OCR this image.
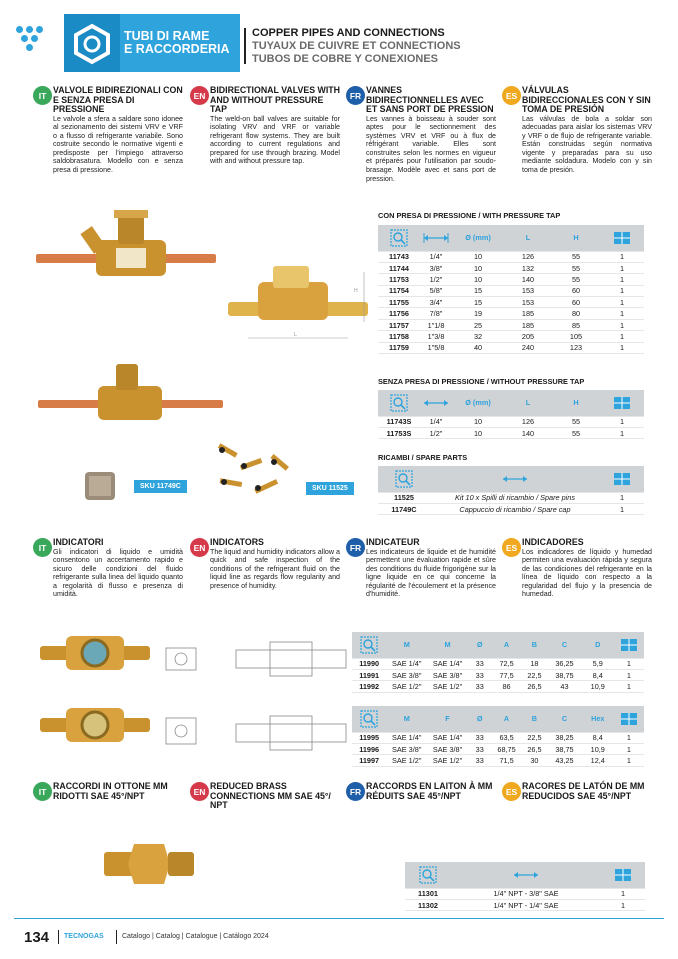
TUBI DI RAME
E RACCORDERIA
COPPER PIPES AND CONNECTIONS
TUYAUX DE CUIVRE ET CONNECTIONS
TUBOS DE COBRE Y CONEXIONES
IT
VALVOLE BIDIREZIONALI CON E SENZA PRESA DI PRESSIONE
Le valvole a sfera a saldare sono idonee al sezionamento dei sistemi VRV e VRF o a flusso di refrigerante variabile. Sono costruite secondo le normative vigenti e predisposte per l'impiego attraverso saldobrasatura. Modello con e senza presa di pressione.
EN
BIDIRECTIONAL VALVES WITH AND WITHOUT PRESSURE TAP
The weld-on ball valves are suitable for isolating VRV and VRF or variable refrigerant flow systems. They are built according to current regulations and prepared for use through brazing. Model with and without pressure tap.
FR
VANNES BIDIRECTIONNELLES AVEC ET SANS PORT DE PRESSION
Les vannes à boisseau à souder sont aptes pour le sectionnement des systèmes VRV et VRF ou à flux de réfrigérant variable. Elles sont construites selon les normes en vigueur et préparés pour l'utilisation par soudo-brasage. Modèle avec et sans port de pression.
ES
VÁLVULAS BIDIRECCIONALES CON Y SIN TOMA DE PRESIÓN
Las válvulas de bola a soldar son adecuadas para aislar los sistemas VRV y VRF o de flujo de refrigerante variable. Están construidas según normativa vigente y preparadas para su uso mediante soldadura. Modelo con y sin toma de presión.
L
H
SKU 11749C	SKU 11525
CON PRESA DI PRESSIONE / WITH PRESSURE TAP
		Ø (mm)	L	H	
11743	1/4"	10	126	55	1
11744	3/8"	10	132	55	1
11753	1/2"	10	140	55	1
11754	5/8"	15	153	60	1
11755	3/4"	15	153	60	1
11756	7/8"	19	185	80	1
11757	1"1/8	25	185	85	1
11758	1"3/8	32	205	105	1
11759	1"5/8	40	240	123	1
SENZA PRESA DI PRESSIONE / WITHOUT PRESSURE TAP
		Ø (mm)	L	H	
11743S	1/4"	10	126	55	1
11753S	1/2"	10	140	55	1
RICAMBI / SPARE PARTS

11525	Kit 10 x Spilli di ricambio / Spare pins	1
11749C	Cappuccio di ricambio / Spare cap	1
IT
INDICATORI
Gli indicatori di liquido e umidità consentono un accertamento rapido e sicuro delle condizioni del fluido refrigerante sulla linea del liquido quanto a regolarità di flusso e presenza di umidità.
EN
INDICATORS
The liquid and humidity indicators allow a quick and safe inspection of the conditions of the refrigerant fluid on the liquid line as regards flow regularity and presence of humidity.
FR
INDICATEUR
Les indicateurs de liquide et de humidité permettent une évaluation rapide et sûre des conditions du fluide frigorigène sur la ligne liquide en ce qui concerne la régularité de l'écoulement et la présence d'humidité.
ES
INDICADORES
Los indicadores de líquido y humedad permiten una evaluación rápida y segura de las condiciones del refrigerante en la línea de líquido con respecto a la regularidad del flujo y la presencia de humedad.
	M	M	Ø	A	B	C	D	
11990	SAE 1/4"	SAE 1/4"	33	72,5	18	36,25	5,9	1
11991	SAE 3/8"	SAE 3/8"	33	77,5	22,5	38,75	8,4	1
11992	SAE 1/2"	SAE 1/2"	33	86	26,5	43	10,9	1
	M	F	Ø	A	B	C	Hex	
11995	SAE 1/4"	SAE 1/4"	33	63,5	22,5	38,25	8,4	1
11996	SAE 3/8"	SAE 3/8"	33	68,75	26,5	38,75	10,9	1
11997	SAE 1/2"	SAE 1/2"	33	71,5	30	43,25	12,4	1
IT
RACCORDI IN OTTONE MM RIDOTTI SAE 45°/NPT	EN
REDUCED BRASS CONNECTIONS MM SAE 45°/ NPT
FR
RACCORDS EN LAITON À MM RÉDUITS SAE 45°/NPT	ES
RACORES DE LATÓN DE MM REDUCIDOS SAE 45°/NPT

11301	1/4" NPT - 3/8" SAE	1
11302	1/4" NPT - 1/4" SAE	1
134 TECNOGAS	Catalogo | Catalog | Catalogue | Catálogo 2024
